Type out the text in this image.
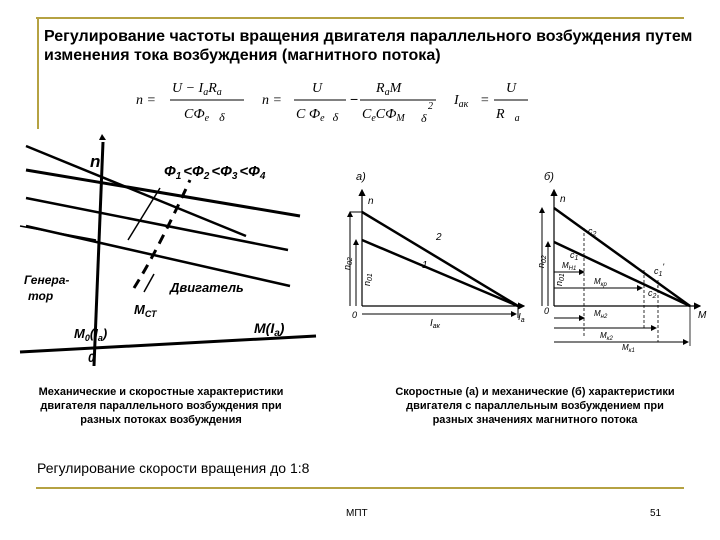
Регулирование частоты вращения двигателя параллельного возбуждения путем изменения тока возбуждения (магнитного потока)
n =
$U - I_aR_a$
$CФ_e$ δ
n =
U
C $Ф_e$ δ
−
$R_aM$
$C_eCФ_M$
2
δ
$I_{aк}$ =
U
R $_a$
n
$Ф_1 <Ф_2 <Ф_3 <Ф_4$
Генера-
тор
Двигатель
$M_{СТ}$
$M_0(I_a)$	$M(I_a)$
0
a)
n
$n_{02}$
$n_{01}$
2
1
0
$I_{ак}$
$I_a$
б)
n
$c_2$
$n_{02}$ $c_1$
$n_{01}$
$M_{Н1}$	$c_1'$
$M_{кр}$
$c_2'$
0	M
$M_{н2}$
$M_{к2}$
$M_{к1}$
Механические и скоростные характеристики
двигателя параллельного возбуждения при
разных потоках возбуждения
Скоростные (а) и механические (б) характеристики
двигателя с параллельным возбуждением при
разных значениях магнитного потока
Регулирование скорости вращения до 1:8
МПТ	51
